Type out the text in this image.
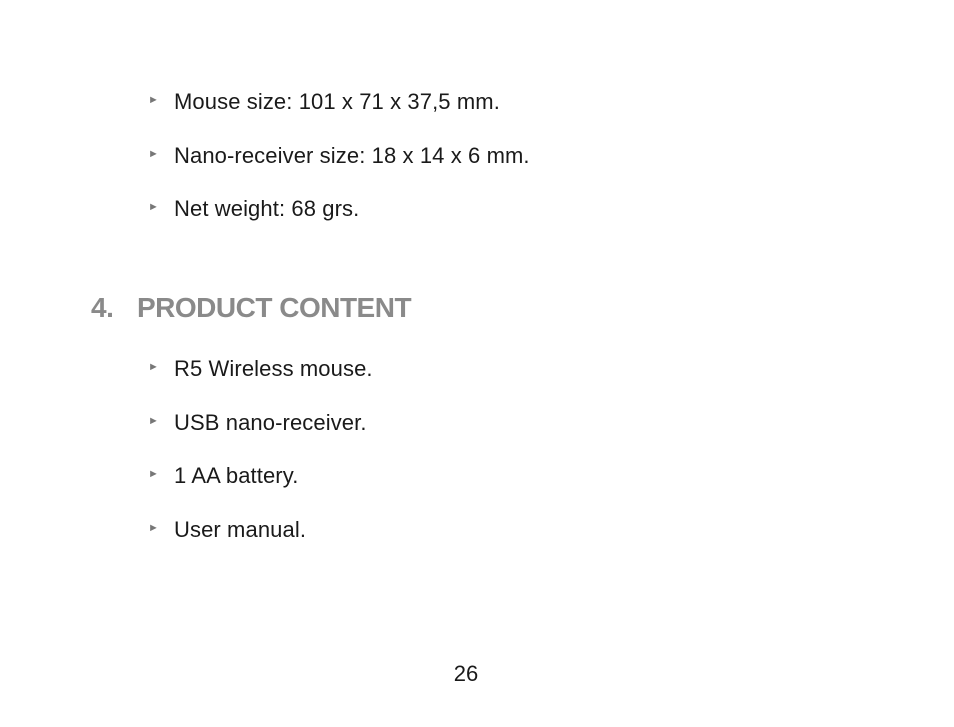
► Mouse size: 101 x 71 x 37,5 mm.
► Nano-receiver size: 18 x 14 x 6 mm.
► Net weight: 68 grs.
4. PRODUCT CONTENT
► R5 Wireless mouse.
► USB nano-receiver.
► 1 AA battery.
► User manual.
26
